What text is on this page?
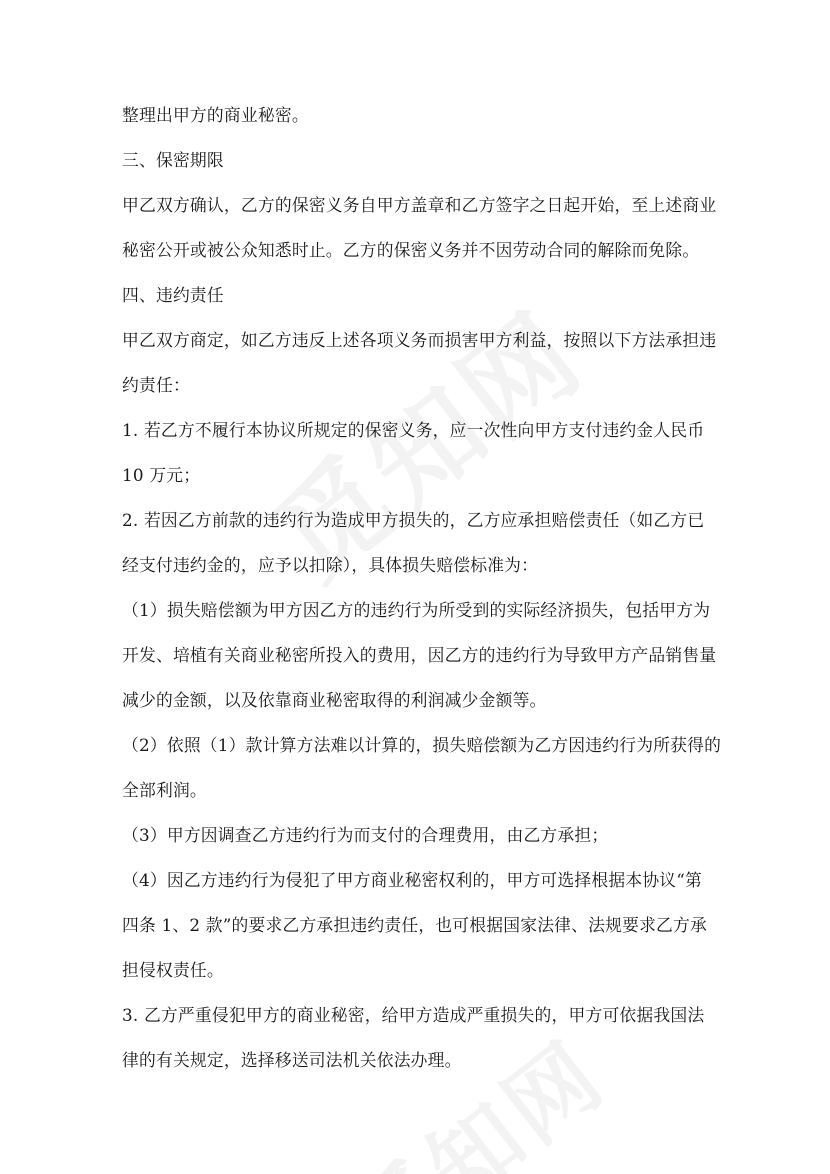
整理出甲方的商业秘密。
三、保密期限
甲乙双方确认，乙方的保密义务自甲方盖章和乙方签字之日起开始，至上述商业
秘密公开或被公众知悉时止。乙方的保密义务并不因劳动合同的解除而免除。
四、违约责任
甲乙双方商定，如乙方违反上述各项义务而损害甲方利益，按照以下方法承担违
约责任：
1. 若乙方不履行本协议所规定的保密义务，应一次性向甲方支付违约金人民币
10 万元；
2. 若因乙方前款的违约行为造成甲方损失的，乙方应承担赔偿责任（如乙方已
经支付违约金的，应予以扣除），具体损失赔偿标准为：
（1）损失赔偿额为甲方因乙方的违约行为所受到的实际经济损失，包括甲方为
开发、培植有关商业秘密所投入的费用，因乙方的违约行为导致甲方产品销售量
减少的金额，以及依靠商业秘密取得的利润减少金额等。
（2）依照（1）款计算方法难以计算的，损失赔偿额为乙方因违约行为所获得的
全部利润。
（3）甲方因调查乙方违约行为而支付的合理费用，由乙方承担；
（4）因乙方违约行为侵犯了甲方商业秘密权利的，甲方可选择根据本协议“第
四条 1、2 款”的要求乙方承担违约责任，也可根据国家法律、法规要求乙方承
担侵权责任。
3. 乙方严重侵犯甲方的商业秘密，给甲方造成严重损失的，甲方可依据我国法
律的有关规定，选择移送司法机关依法办理。
